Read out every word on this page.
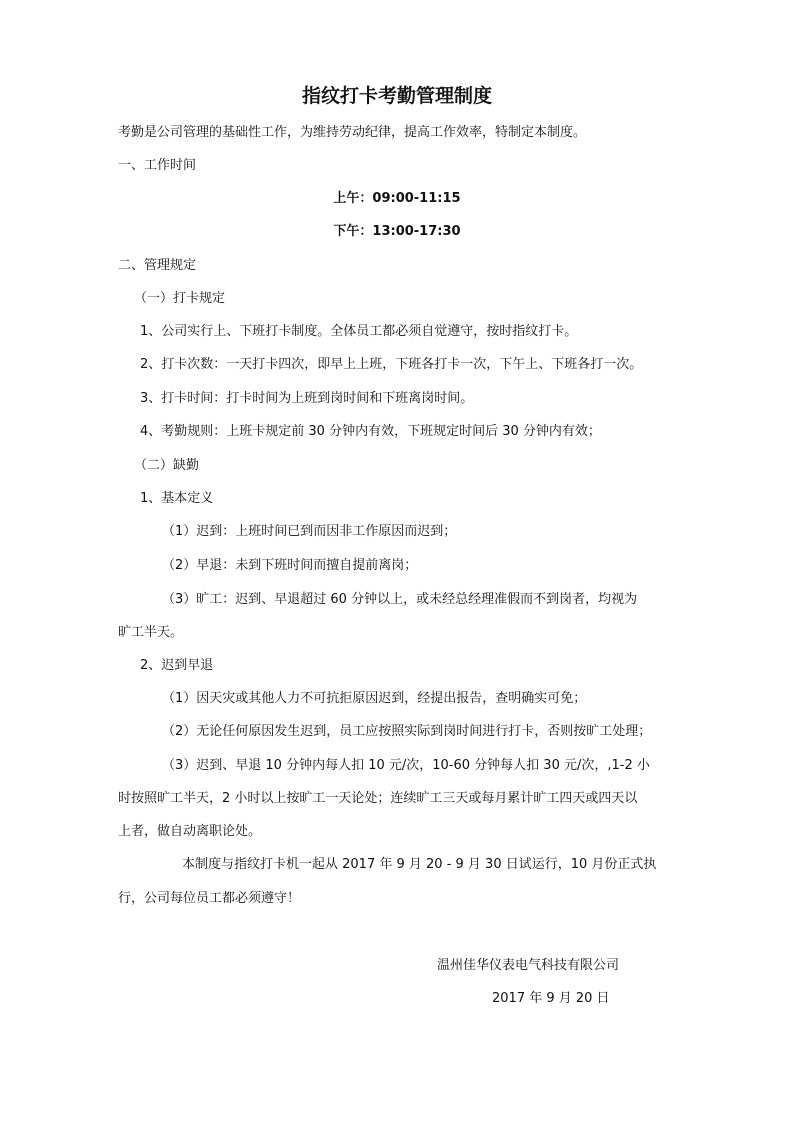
指纹打卡考勤管理制度

考勤是公司管理的基础性工作，为维持劳动纪律，提高工作效率，特制定本制度。

一、工作时间

上午：09:00-11:15

下午：13:00-17:30

二、管理规定

（一）打卡规定

1、公司实行上、下班打卡制度。全体员工都必须自觉遵守，按时指纹打卡。

2、打卡次数：一天打卡四次，即早上上班，下班各打卡一次，下午上、下班各打一次。

3、打卡时间：打卡时间为上班到岗时间和下班离岗时间。

4、考勤规则：上班卡规定前 30 分钟内有效，下班规定时间后 30 分钟内有效；

（二）缺勤

1、基本定义

（1）迟到：上班时间已到而因非工作原因而迟到；

（2）早退：未到下班时间而擅自提前离岗；

（3）旷工：迟到、早退超过 60 分钟以上，或未经总经理准假而不到岗者，均视为

旷工半天。

2、迟到早退

（1）因天灾或其他人力不可抗拒原因迟到，经提出报告，查明确实可免；

（2）无论任何原因发生迟到，员工应按照实际到岗时间进行打卡，否则按旷工处理；

（3）迟到、早退 10 分钟内每人扣 10 元/次，10-60 分钟每人扣 30 元/次，,1-2 小

时按照旷工半天，2 小时以上按旷工一天论处；连续旷工三天或每月累计旷工四天或四天以

上者，做自动离职论处。

本制度与指纹打卡机一起从 2017 年 9 月 20 - 9 月 30 日试运行，10 月份正式执

行，公司每位员工都必须遵守！

温州佳华仪表电气科技有限公司

2017 年 9 月 20 日
